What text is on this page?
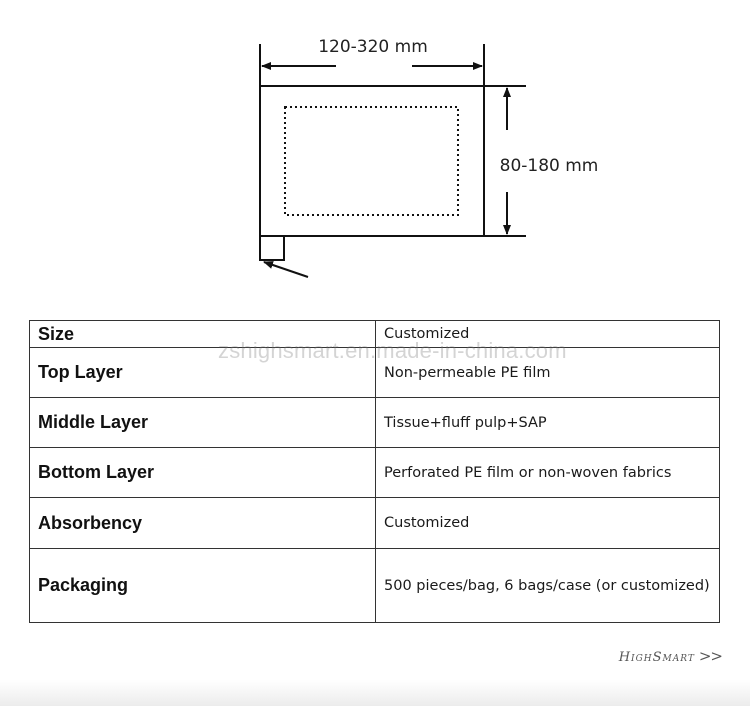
120-320 mm
80-180 mm
Size	Customized
Top Layer	Non-permeable PE film
Middle Layer	Tissue+fluff pulp+SAP
Bottom Layer	Perforated PE film or non-woven fabrics
Absorbency	Customized
Packaging	500 pieces/bag, 6 bags/case (or customized)
zshighsmart.en.made-in-china.com
HighSmart >>
